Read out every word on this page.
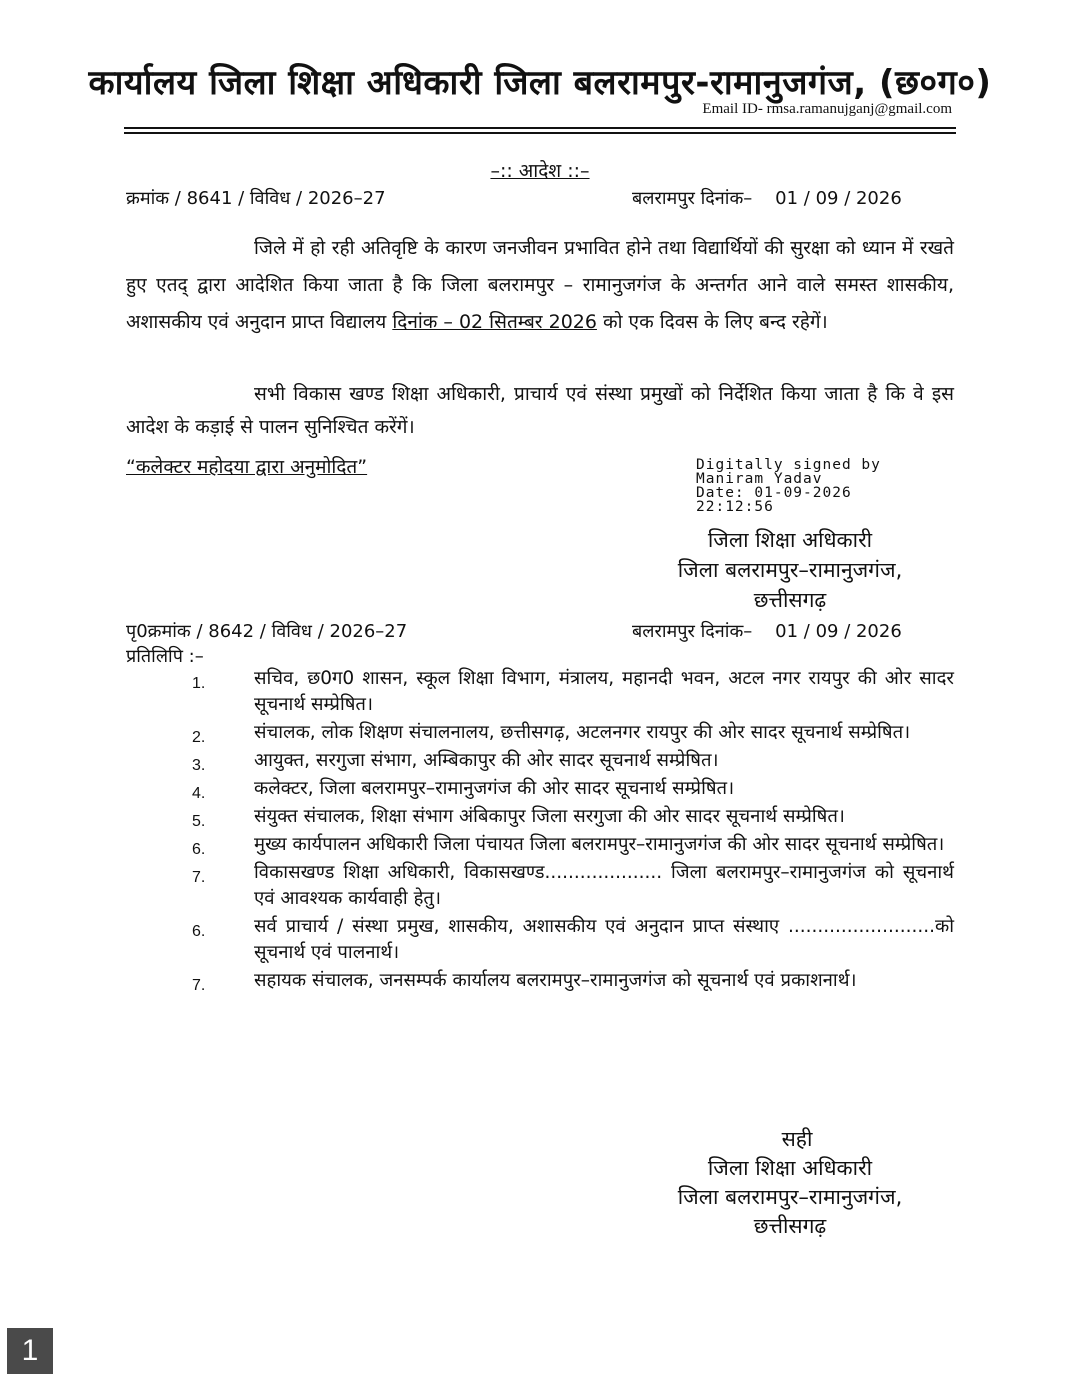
कार्यालय जिला शिक्षा अधिकारी जिला बलरामपुर-रामानुजगंज, (छ०ग०)
Email ID- rmsa.ramanujganj@gmail.com
–:: आदेश ::–
क्रमांक / 8641 / विविध / 2026–27	बलरामपुर दिनांक–    01 / 09 / 2026

जिले में हो रही अतिवृष्टि के कारण जनजीवन प्रभावित होने तथा विद्यार्थियों की सुरक्षा को ध्यान में रखते हुए एतद् द्वारा आदेशित किया जाता है कि जिला बलरामपुर – रामानुजगंज के अन्तर्गत आने वाले समस्त शासकीय, अशासकीय एवं अनुदान प्राप्त विद्यालय दिनांक – 02 सितम्बर 2026 को एक दिवस के लिए बन्द रहेगें।

सभी विकास खण्ड शिक्षा अधिकारी, प्राचार्य एवं संस्था प्रमुखों को निर्देशित किया जाता है कि वे इस आदेश के कड़ाई से पालन सुनिश्चित करेंगें।

“कलेक्टर महोदया द्वारा अनुमोदित”	Digitally signed by
Maniram Yadav
Date: 01-09-2026
22:12:56
जिला शिक्षा अधिकारी
जिला बलरामपुर–रामानुजगंज,
छत्तीसगढ़
पृ0क्रमांक / 8642 / विविध / 2026–27	बलरामपुर दिनांक–    01 / 09 / 2026
प्रतिलिपि :–
1.	सचिव, छ0ग0 शासन, स्कूल शिक्षा विभाग, मंत्रालय, महानदी भवन, अटल नगर रायपुर की ओर सादर सूचनार्थ सम्प्रेषित।
2.	संचालक, लोक शिक्षण संचालनालय, छत्तीसगढ़, अटलनगर रायपुर की ओर सादर सूचनार्थ सम्प्रेषित।
3.	आयुक्त, सरगुजा संभाग, अम्बिकापुर की ओर सादर सूचनार्थ सम्प्रेषित।
4.	कलेक्टर, जिला बलरामपुर–रामानुजगंज की ओर सादर सूचनार्थ सम्प्रेषित।
5.	संयुक्त संचालक, शिक्षा संभाग अंबिकापुर जिला सरगुजा की ओर सादर सूचनार्थ सम्प्रेषित।
6.	मुख्य कार्यपालन अधिकारी जिला पंचायत जिला बलरामपुर–रामानुजगंज की ओर सादर सूचनार्थ सम्प्रेषित।
7.	विकासखण्ड शिक्षा अधिकारी, विकासखण्ड.................... जिला बलरामपुर–रामानुजगंज को सूचनार्थ एवं आवश्यक कार्यवाही हेतु।
6.	सर्व प्राचार्य / संस्था प्रमुख, शासकीय, अशासकीय एवं अनुदान प्राप्त संस्थाए .........................को सूचनार्थ एवं पालनार्थ।
7.	सहायक संचालक, जनसम्पर्क कार्यालय बलरामपुर–रामानुजगंज को सूचनार्थ एवं प्रकाशनार्थ।
सही
जिला शिक्षा अधिकारी
जिला बलरामपुर–रामानुजगंज,
छत्तीसगढ़
1
